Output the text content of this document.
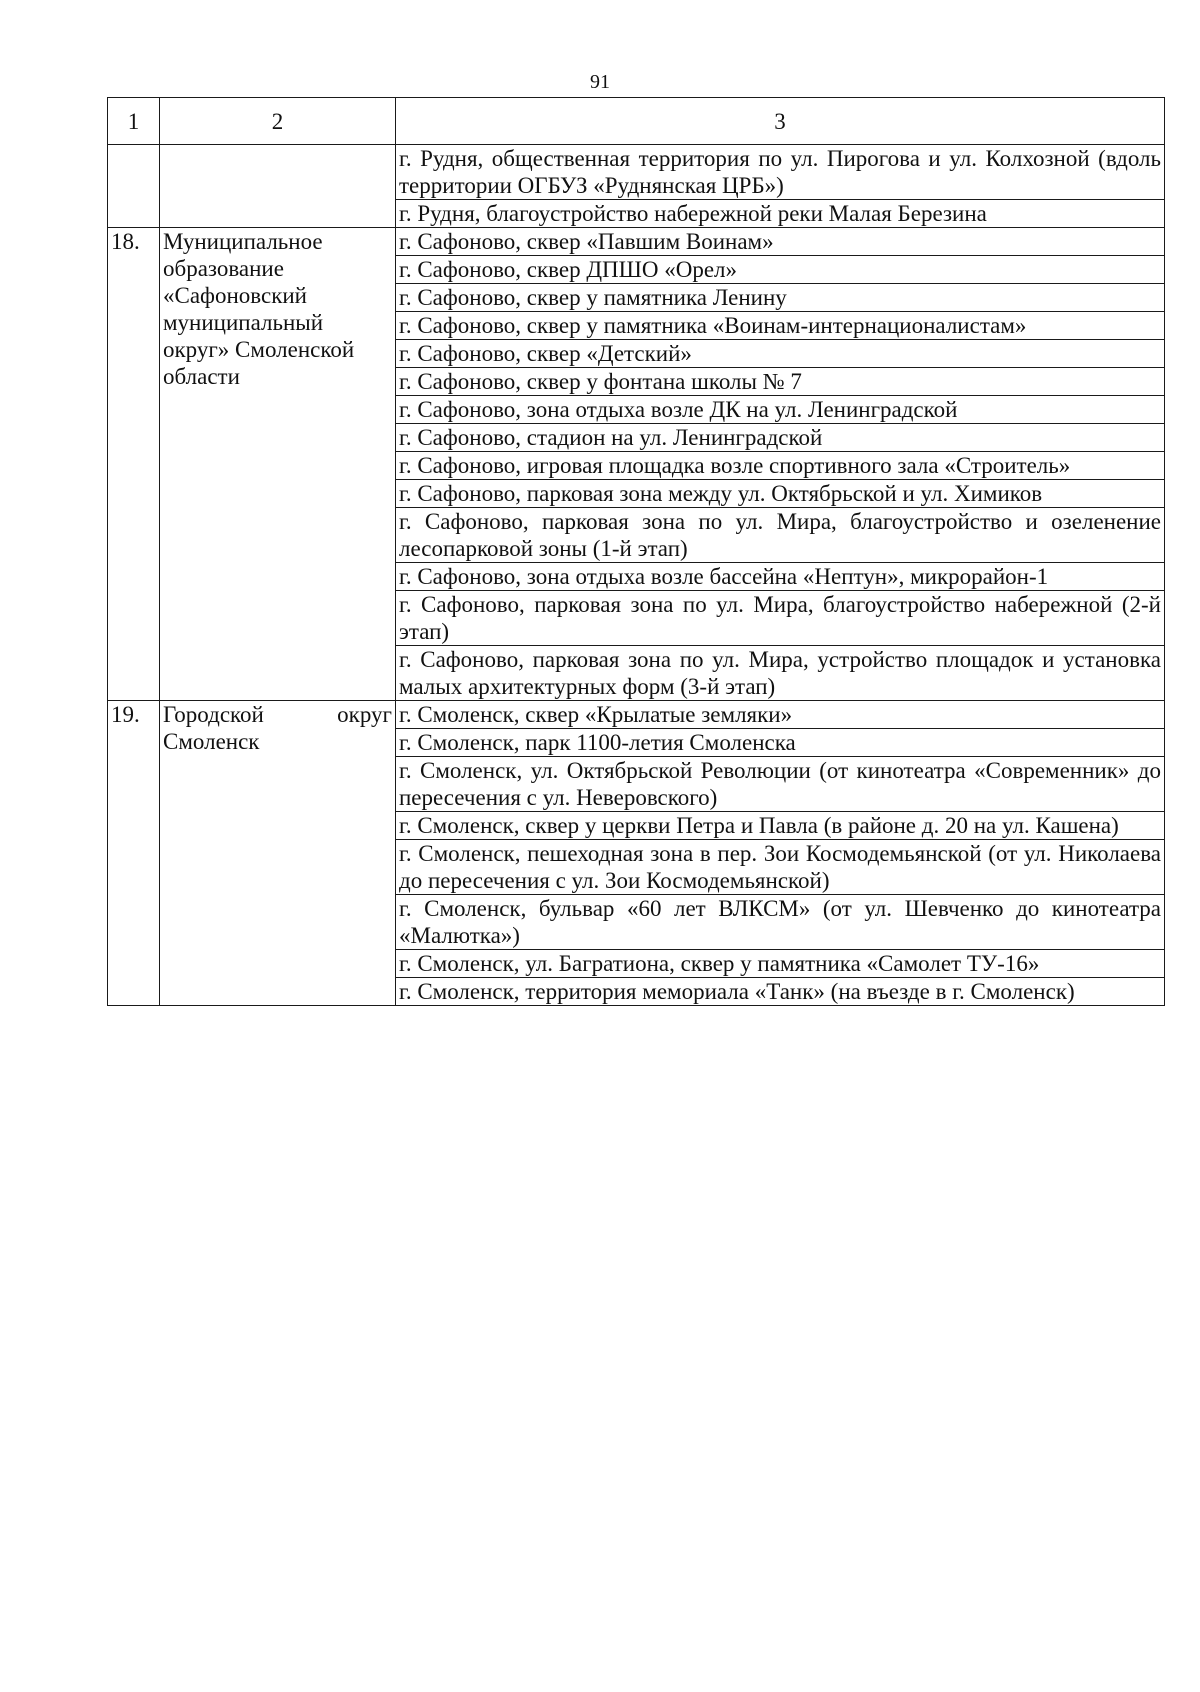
91
1	2	3
		г. Рудня, общественная территория по ул. Пирогова и ул. Колхозной (вдоль территории ОГБУЗ «Руднянская ЦРБ»)
		г. Рудня, благоустройство набережной реки Малая Березина
18.	Муниципальное образование «Сафоновский муниципальный округ» Смоленской области	г. Сафоново, сквер «Павшим Воинам»
		г. Сафоново, сквер ДПШО «Орел»
		г. Сафоново, сквер у памятника Ленину
		г. Сафоново, сквер у памятника «Воинам-интернационалистам»
		г. Сафоново, сквер «Детский»
		г. Сафоново, сквер у фонтана школы № 7
		г. Сафоново, зона отдыха возле ДК на ул. Ленинградской
		г. Сафоново, стадион на ул. Ленинградской
		г. Сафоново, игровая площадка возле спортивного зала «Строитель»
		г. Сафоново, парковая зона между ул. Октябрьской и ул. Химиков
		г. Сафоново, парковая зона по ул. Мира, благоустройство и озеленение лесопарковой зоны (1-й этап)
		г. Сафоново, зона отдыха возле бассейна «Нептун», микрорайон-1
		г. Сафоново, парковая зона по ул. Мира, благоустройство набережной (2-й этап)
		г. Сафоново, парковая зона по ул. Мира, устройство площадок и установка малых архитектурных форм (3-й этап)
19.	Городской округ Смоленск	г. Смоленск, сквер «Крылатые земляки»
		г. Смоленск, парк 1100-летия Смоленска
		г. Смоленск, ул. Октябрьской Революции (от кинотеатра «Современник» до пересечения с ул. Неверовского)
		г. Смоленск, сквер у церкви Петра и Павла (в районе д. 20 на ул. Кашена)
		г. Смоленск, пешеходная зона в пер. Зои Космодемьянской (от ул. Николаева до пересечения с ул. Зои Космодемьянской)
		г. Смоленск, бульвар «60 лет ВЛКСМ» (от ул. Шевченко до кинотеатра «Малютка»)
		г. Смоленск, ул. Багратиона, сквер у памятника «Самолет ТУ-16»
		г. Смоленск, территория мемориала «Танк» (на въезде в г. Смоленск)
